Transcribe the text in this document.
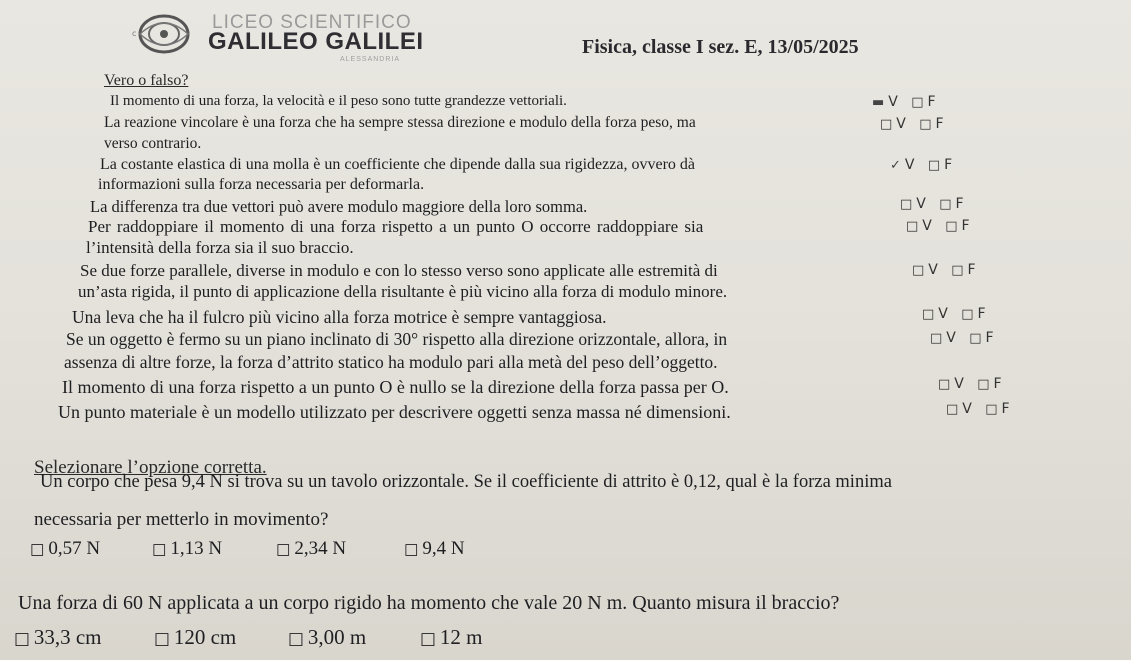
c
LICEO SCIENTIFICO
GALILEO GALILEI
ALESSANDRIA
Fisica, classe I sez. E, 13/05/2025
Vero o falso?
Il momento di una forza, la velocità e il peso sono tutte grandezze vettoriali.	▬ V □ F
La reazione vincolare è una forza che ha sempre stessa direzione e modulo della forza peso, ma
verso contrario.
□ V □ F
La costante elastica di una molla è un coefficiente che dipende dalla sua rigidezza, ovvero dà
informazioni sulla forza necessaria per deformarla.
✓ V □ F
La differenza tra due vettori può avere modulo maggiore della loro somma.	□ V □ F
Per raddoppiare il momento di una forza rispetto a un punto O occorre raddoppiare sia
l’intensità della forza sia il suo braccio.
□ V □ F
Se due forze parallele, diverse in modulo e con lo stesso verso sono applicate alle estremità di
un’asta rigida, il punto di applicazione della risultante è più vicino alla forza di modulo minore.
□ V □ F
Una leva che ha il fulcro più vicino alla forza motrice è sempre vantaggiosa.	□ V □ F
Se un oggetto è fermo su un piano inclinato di 30° rispetto alla direzione orizzontale, allora, in
assenza di altre forze, la forza d’attrito statico ha modulo pari alla metà del peso dell’oggetto.
□ V □ F
Il momento di una forza rispetto a un punto O è nullo se la direzione della forza passa per O.	□ V □ F
Un punto materiale è un modello utilizzato per descrivere oggetti senza massa né dimensioni.	□ V □ F
Selezionare l’opzione corretta.
Un corpo che pesa 9,4 N si trova su un tavolo orizzontale. Se il coefficiente di attrito è 0,12, qual è la forza minima
necessaria per metterlo in movimento?
□ 0,57 N	□ 1,13 N	□ 2,34 N	□ 9,4 N
Una forza di 60 N applicata a un corpo rigido ha momento che vale 20 N m. Quanto misura il braccio?
□ 33,3 cm	□ 120 cm	□ 3,00 m	□ 12 m
